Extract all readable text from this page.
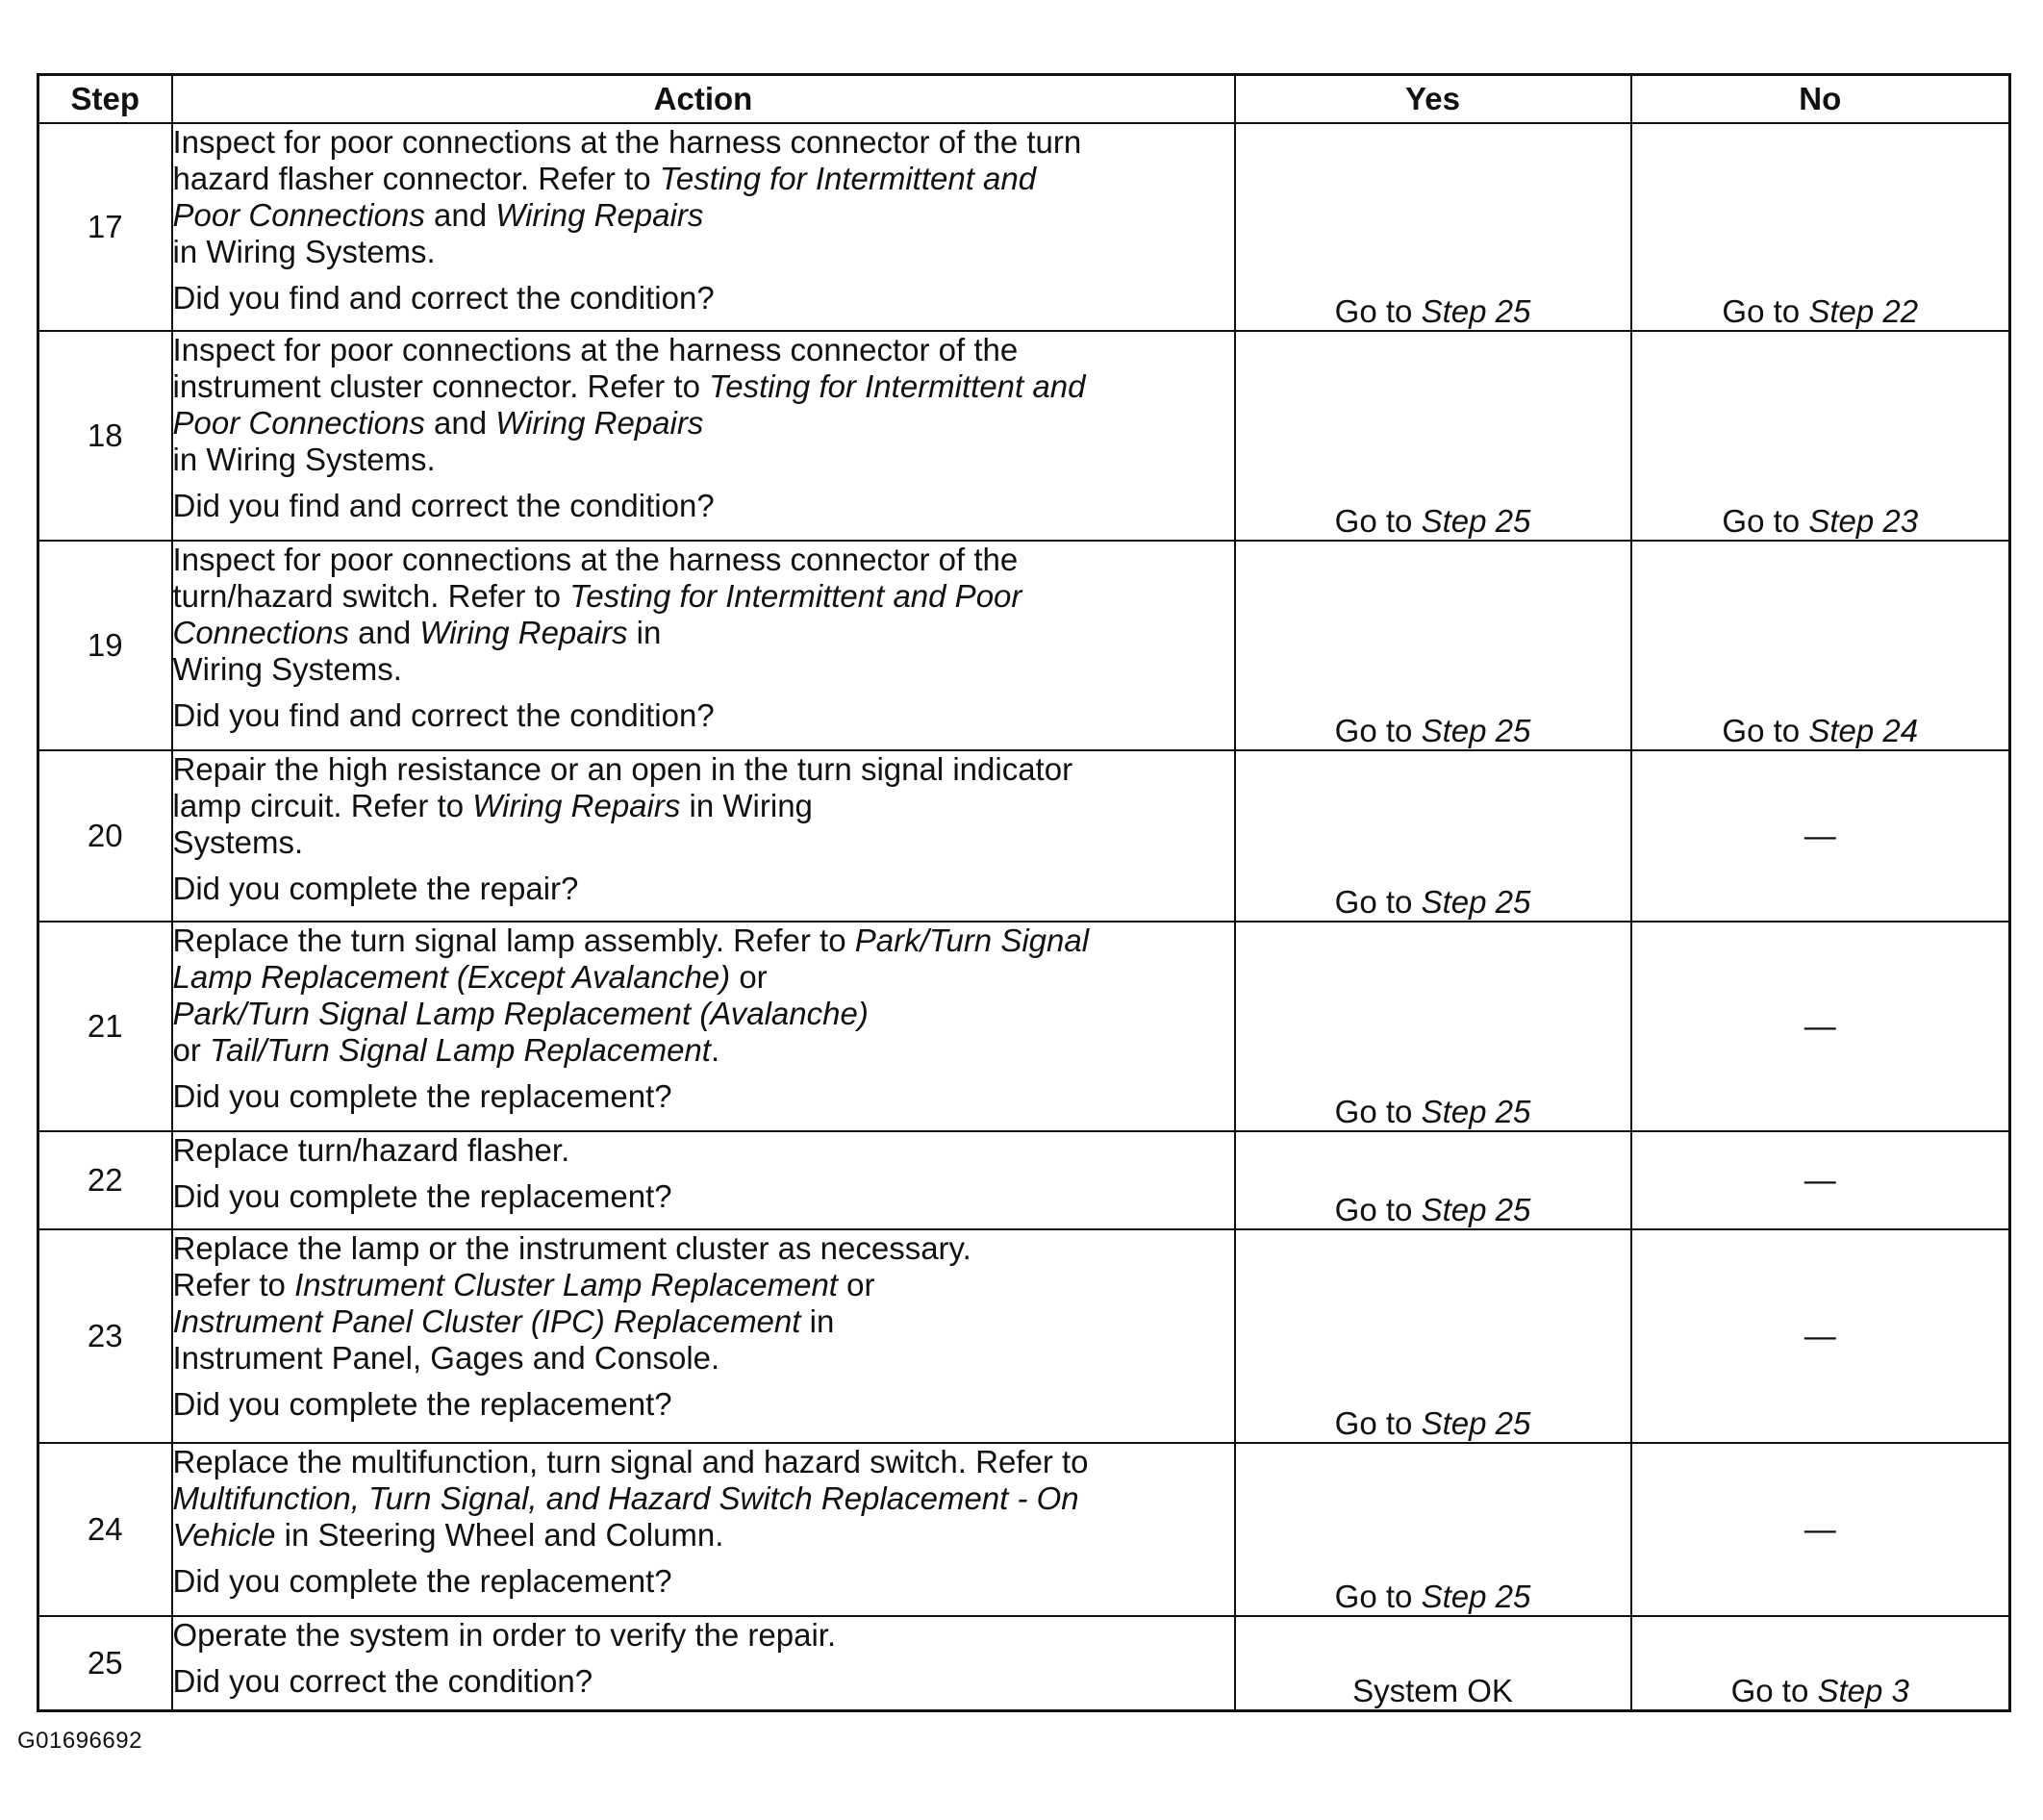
Step	Action	Yes	No
17	Inspect for poor connections at the harness connector of the turn
hazard flasher connector. Refer to Testing for Intermittent and
Poor Connections and Wiring Repairs
in Wiring Systems.
Did you find and correct the condition?	Go to Step 25	Go to Step 22
18	Inspect for poor connections at the harness connector of the
instrument cluster connector. Refer to Testing for Intermittent and
Poor Connections and Wiring Repairs
in Wiring Systems.
Did you find and correct the condition?	Go to Step 25	Go to Step 23
19	Inspect for poor connections at the harness connector of the
turn/hazard switch. Refer to Testing for Intermittent and Poor
Connections and Wiring Repairs in
Wiring Systems.
Did you find and correct the condition?	Go to Step 25	Go to Step 24
20	Repair the high resistance or an open in the turn signal indicator
lamp circuit. Refer to Wiring Repairs in Wiring
Systems.
Did you complete the repair?	Go to Step 25	—
21	Replace the turn signal lamp assembly. Refer to Park/Turn Signal
Lamp Replacement (Except Avalanche) or
Park/Turn Signal Lamp Replacement (Avalanche)
or Tail/Turn Signal Lamp Replacement.
Did you complete the replacement?	Go to Step 25	—
22	Replace turn/hazard flasher.
Did you complete the replacement?	Go to Step 25	—
23	Replace the lamp or the instrument cluster as necessary.
Refer to Instrument Cluster Lamp Replacement or
Instrument Panel Cluster (IPC) Replacement in
Instrument Panel, Gages and Console.
Did you complete the replacement?	Go to Step 25	—
24	Replace the multifunction, turn signal and hazard switch. Refer to
Multifunction, Turn Signal, and Hazard Switch Replacement - On
Vehicle in Steering Wheel and Column.
Did you complete the replacement?	Go to Step 25	—
25	Operate the system in order to verify the repair.
Did you correct the condition?	System OK	Go to Step 3
G01696692
